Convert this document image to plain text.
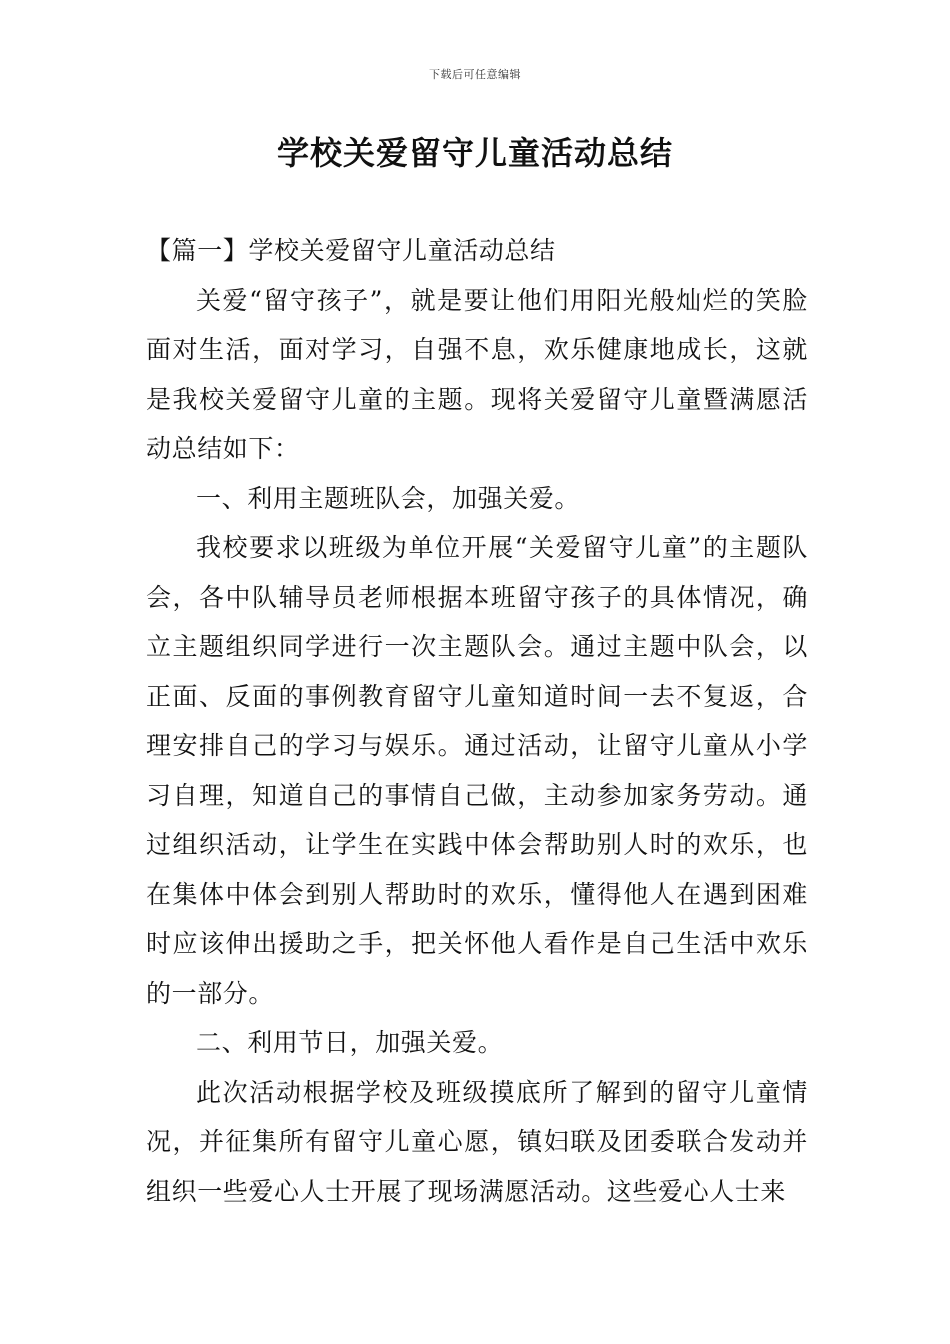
下载后可任意编辑
学校关爱留守儿童活动总结

【篇一】学校关爱留守儿童活动总结

关爱“留守孩子”，就是要让他们用阳光般灿烂的笑脸面对生活，面对学习，自强不息，欢乐健康地成长，这就是我校关爱留守儿童的主题。现将关爱留守儿童暨满愿活动总结如下：

一、利用主题班队会，加强关爱。

我校要求以班级为单位开展“关爱留守儿童”的主题队会，各中队辅导员老师根据本班留守孩子的具体情况，确立主题组织同学进行一次主题队会。通过主题中队会，以正面、反面的事例教育留守儿童知道时间一去不复返，合理安排自己的学习与娱乐。通过活动，让留守儿童从小学习自理，知道自己的事情自己做，主动参加家务劳动。通过组织活动，让学生在实践中体会帮助别人时的欢乐，也在集体中体会到别人帮助时的欢乐，懂得他人在遇到困难时应该伸出援助之手，把关怀他人看作是自己生活中欢乐的一部分。

二、利用节日，加强关爱。

此次活动根据学校及班级摸底所了解到的留守儿童情况，并征集所有留守儿童心愿，镇妇联及团委联合发动并组织一些爱心人士开展了现场满愿活动。这些爱心人士来
